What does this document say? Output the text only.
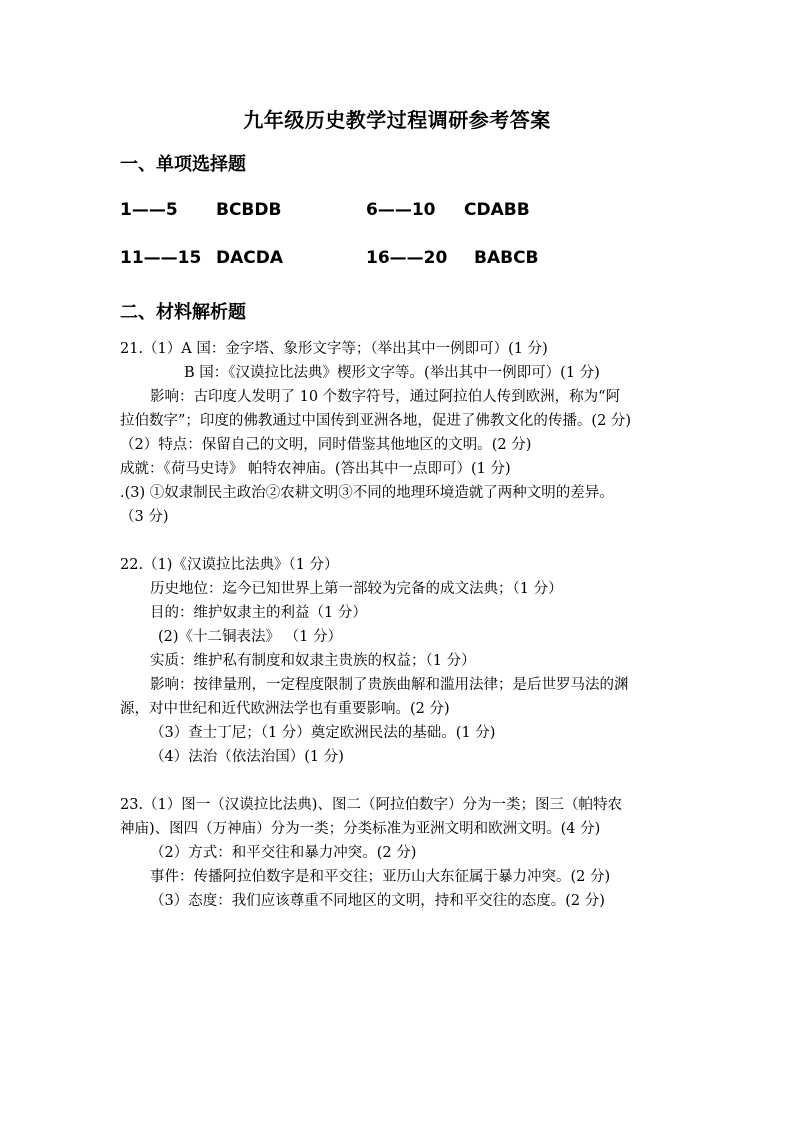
九年级历史教学过程调研参考答案
一、单项选择题
1——5 BCBDB	6——10 CDABB
11——15 DACDA	16——20 BABCB
二、材料解析题
21.（1）A 国：金字塔、象形文字等；（举出其中一例即可）(1 分)
B 国：《汉谟拉比法典》楔形文字等。(举出其中一例即可）(1 分)
影响：古印度人发明了 10 个数字符号，通过阿拉伯人传到欧洲，称为“阿
拉伯数字”；印度的佛教通过中国传到亚洲各地，促进了佛教文化的传播。(2 分)
（2）特点：保留自己的文明，同时借鉴其他地区的文明。(2 分)
成就：《荷马史诗》 帕特农神庙。(答出其中一点即可）(1 分)
.(3) ①奴隶制民主政治②农耕文明③不同的地理环境造就了两种文明的差异。
（3 分)
22.（1)《汉谟拉比法典》（1 分）
历史地位：迄今已知世界上第一部较为完备的成文法典；（1 分）
目的：维护奴隶主的利益（1 分）
(2)《十二铜表法》 （1 分）
实质：维护私有制度和奴隶主贵族的权益；（1 分）
影响：按律量刑，一定程度限制了贵族曲解和滥用法律；是后世罗马法的渊
源，对中世纪和近代欧洲法学也有重要影响。(2 分)
（3）查士丁尼；（1 分）奠定欧洲民法的基础。(1 分)
（4）法治（依法治国）(1 分)
23.（1）图一（汉谟拉比法典)、图二（阿拉伯数字）分为一类；图三（帕特农
神庙)、图四（万神庙）分为一类；分类标准为亚洲文明和欧洲文明。(4 分)
（2）方式：和平交往和暴力冲突。(2 分)
事件：传播阿拉伯数字是和平交往；亚历山大东征属于暴力冲突。(2 分)
（3）态度：我们应该尊重不同地区的文明，持和平交往的态度。(2 分)
